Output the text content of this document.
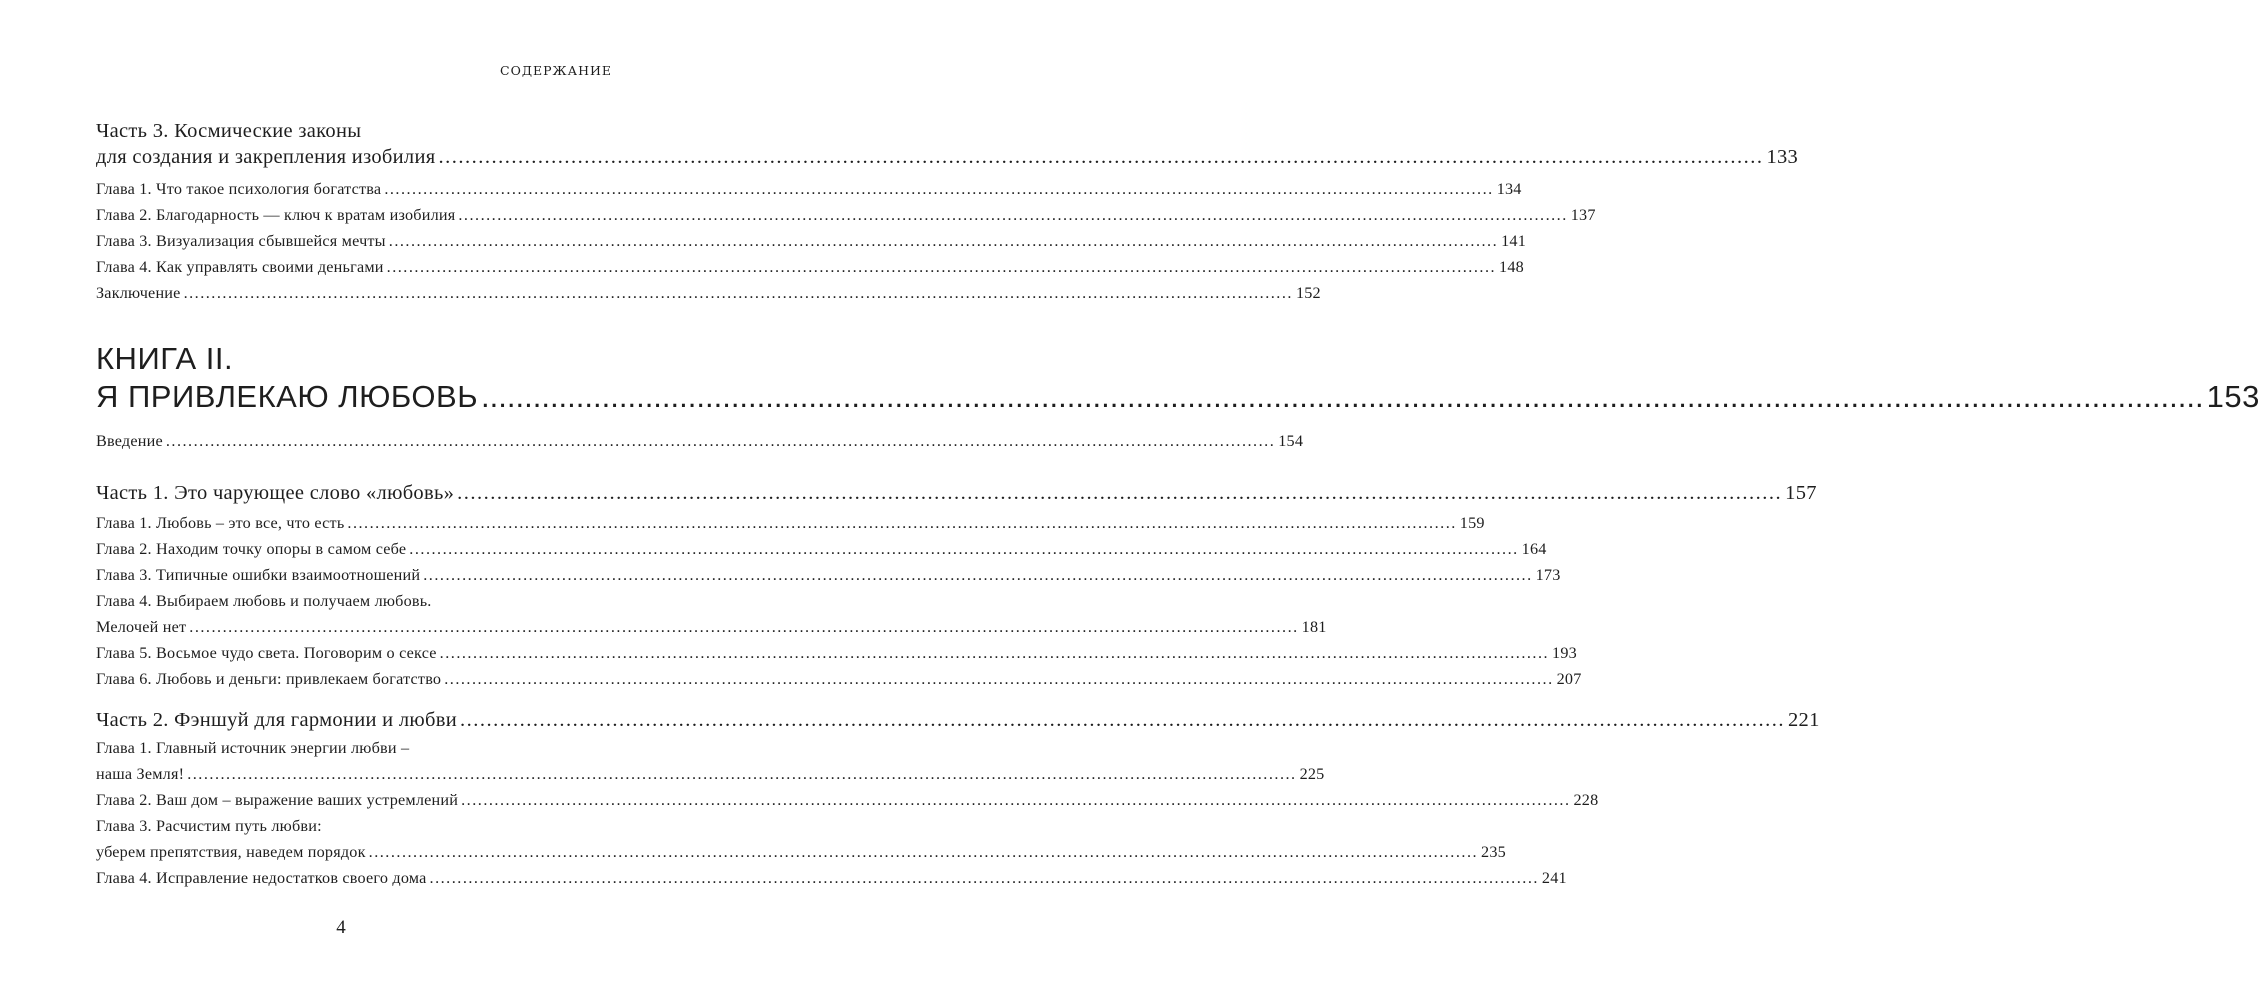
СОДЕРЖАНИЕ
Часть 3. Космические законы
для создания и закрепления изобилия .....	133
Глава 1. Что такое психология богатства .....	134
Глава 2. Благодарность — ключ к вратам изобилия .....	137
Глава 3. Визуализация сбывшейся мечты .....	141
Глава 4. Как управлять своими деньгами .....	148
Заключение .....	152
КНИГА II.
Я ПРИВЛЕКАЮ ЛЮБОВЬ .....	153
Введение .....	154
Часть 1. Это чарующее слово «любовь» .....	157
Глава 1. Любовь – это все, что есть .....	159
Глава 2. Находим точку опоры в самом себе .....	164
Глава 3. Типичные ошибки взаимоотношений .....	173
Глава 4. Выбираем любовь и получаем любовь.
Мелочей нет .....	181
Глава 5. Восьмое чудо света. Поговорим о сексе .....	193
Глава 6. Любовь и деньги: привлекаем богатство .....	207
Часть 2. Фэншуй для гармонии и любви .....	221
Глава 1. Главный источник энергии любви –
наша Земля! .....	225
Глава 2. Ваш дом – выражение ваших устремлений .....	228
Глава 3. Расчистим путь любви:
уберем препятствия, наведем порядок .....	235
Глава 4. Исправление недостатков своего дома .....	241
4
